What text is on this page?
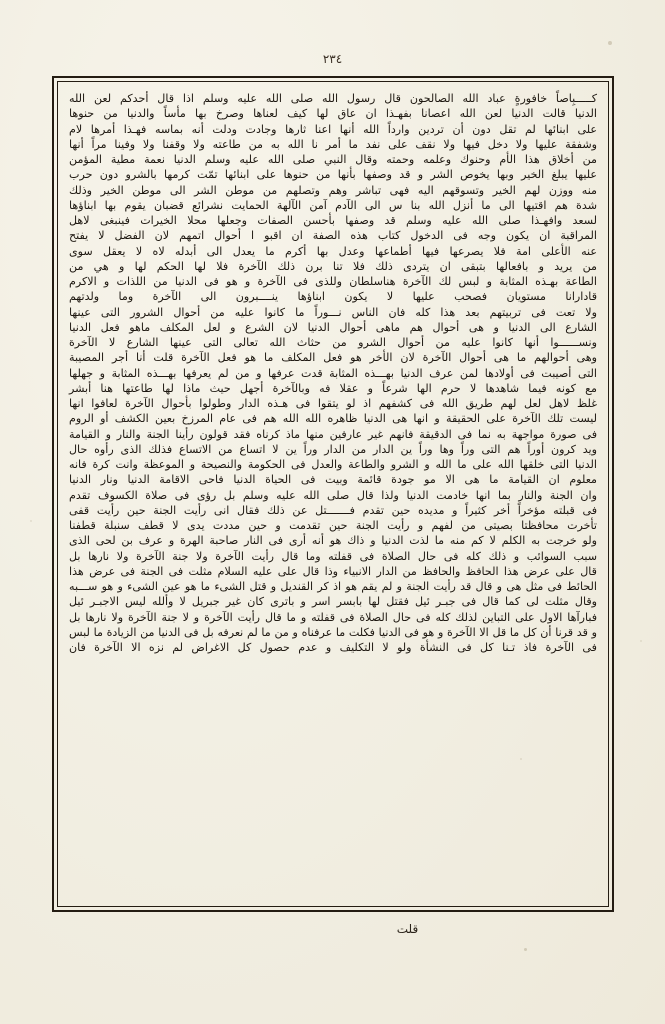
٢٣٤

كـــــبِاصاً خافورةٍ عباد الله الصالحون قال رسول الله صلى الله عليه وسلم اذا قال أحدكم لعن الله

الدنيا قالت الدنيا لعن الله اعصانا بفهـذا ان عاق لها كيف لعناها وصرخ بها مأساً والدنيا من حنوها

على ابنائها لم تقل دون أن تردين وارداً الله أنها اعنا ثارها وجادت ودلت أنه بماسه فهـذا أمرها لام

وشفقة عليها ولا دخل فيها ولا نقف على نفد ما أمر نا الله به من طاعته ولا وقفنا ولا وفينا مراً أنها

من أخلاق هذا الأم وحنوك وعلمه وحمته وقال النبي صلى الله عليه وسلم الدنيا نعمة مطية المؤمن

عليها يبلغ الخير وبها يخوص الشر و قد وصفها بأنها من حنوها على ابنائها تمّت كرمها بالشرو دون حرب

منه ووزن لهم الخير وتسوقهم اليه فهى تباشر وهم وتصلهم من موطن الشر الى موطن الخير وذلك

شدة هم اقتيها الى ما أنزل الله بنا س الى الآدم آمن الآلهة الحمايت نشرائع قضبان يقوم بها ابناؤها

لسعد وافهـذا صلى الله عليه وسلم قد وصفها بأحسن الصفات وجعلها محلا الخيرات فينبغى لاهل

المراقبة ان يكون وجه فى الدخول كتاب هذه الصفة ان اقبو ا أحوال اتمهم لان الفضل لا يفتح

عنه الأعلى امة فلا يصرعها فيها أطماعها وعدل بها أكرم ما يعدل الى أبدله لاه لا يعقل سوى

من يريد و بافعالها بتبقى ان يتردى ذلك فلا تنا برن ذلك الآخرة فلا لها الحكم لها و هي من

الطاعة بهـذه المثابة و لبس لك الآخرة هناسلطان وللذى فى الآخرة و هو فى الدنيا من اللذات و الاكرم

قادارانا مستويان فصحب عليها لا يكون ابناؤها ينــــبرون الى الآخرة وما ولدتهم

ولا تعت فى تربيتهم بعد هذا كله فان الناس نـــوراً ما كانوا عليه من أحوال الشرور التى عينها

الشارع الى الدنيا و هى أحوال هم ماهى أحوال الدنيا لان الشرع و لعل المكلف ماهو فعل الدنيا

ونســــــوا أنها كانوا عليه من أحوال الشرو من حثاث الله تعالى التى عينها الشارع لا الآخرة

وهى أحوالهم ما هى أحوال الآخرة لان الأخر هو فعل المكلف ما هو فعل الآخرة قلت أنا أجر المصيبة

التى أصيبت فى أولادها لمن عرف الدنيا بهـــذه المثابة قدت عرفها و من لم يعرفها بهـــذه المثابة و جهلها

مع كونه فيما شاهدها لا حرم الها شرعاً و عقلا فه وبالآخرة أجهل حيث ماذا لها طاعتها هنا أبشر

غلظ لاهل لعل لهم طريق الله فى كشفهم اذ لو يتقوا فى هـذه الدار وطولوا بأحوال الآخرة لعافوا انها

ليست تلك الآخرة على الحقيقة و انها هى الدنيا ظاهره الله الله هم فى عام المرزخ بعين الكشف أو الروم

فى صورة مواجهة به نما فى الدقيقة فانهم غير عارفين منها ماذ كرناه فقد قولون رأينا الجنة والنار و القيامة

ويد كرون أوراً هم التى وراً وها وراً ين الدار من الدار وراً ين لا اتساع من الاتساع فذلك الذى رأوه حال

الدنيا التى خلقها الله على ما الله و الشرو والطاعة والعدل فى الحكومة والنصيحة و الموعظة وانت كرة فانه

معلوم ان القيامة ما هى الا مو جودة قائمة وبيت فى الحياة الدنيا فاحى الاقامة الدنيا ونار الدنيا

وان الجنة والنار بما انها خادمت الدنيا ولذا قال صلى الله عليه وسلم بل رؤى فى صلاة الكسوف تقدم

فى قبلته مؤخراً أخر كثيراً و مديده حين تقدم فـــــــتل عن ذلك فقال انى رأيت الجنة حين رأيت قفى

تأخرت محافظتا بصيتى من لفهم و رأيت الجنة حين تقدمت و حين مددت يدى لا قطف سنبلة قطفنا

ولو خرجت به الكلم لا كم منه ما لذت الدنيا و ذاك هو أنه أرى فى النار صاحبة الهرة و عرف بن لحى الذى

سبب السوائب و ذلك كله فى حال الصلاة فى قفلته وما قال رأيت الآخرة ولا جنة الآخرة ولا نارها بل

قال على عرض هذا الحافظ والحافظ من الدار الانبياء وذا قال على عليه السلام مثلت فى الجنة فى عرض هذا

الحائط فى مثل هى و قال قد رأيت الجنة و لم يقم هو اذ كر القنديل و قتل الشىء ما هو عين الشىء و هو ســـبه

وقال مثلت لى كما قال فى جبـر ئيل فقتل لها بابسر اسر و باترى كان غير جبريل لا وألله ليس الاجبـر ئيل

فبارآها الاول على التباين لذلك كله فى حال الصلاة فى قفلته و ما قال رأيت الآخرة و لا جنة الآخرة ولا نارها بل

و قد قرنا أن كل ما قل الا الآخرة و هو فى الدنيا فكلت ما عرفناه و من ما لم نعرفه بل فى الدنيا من الزيادة ما لبس

فى الآخرة فاذ تـنا كل فى النشأة ولو لا التكليف و عدم حصول كل الاغراض لم نزه الا الآخرة فان

قلت
